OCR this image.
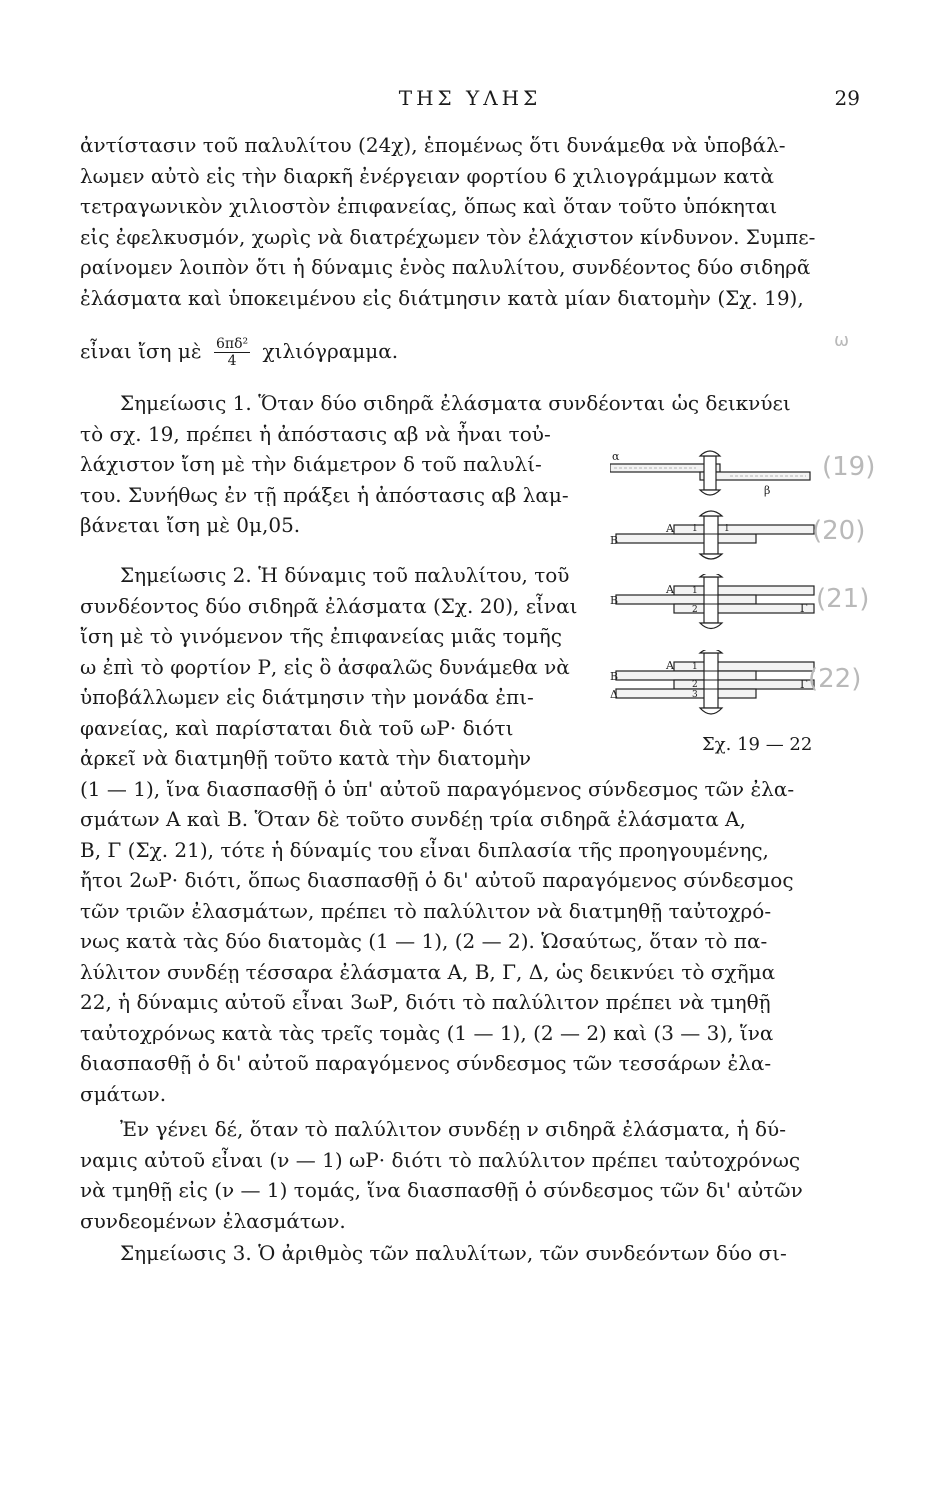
ΤΗΣ ΥΛΗΣ	29
ἀντίστασιν τοῦ παλυλίτου (24χ), ἑπομένως ὅτι δυνάμεθα νὰ ὑποβάλ-
λωμεν αὐτὸ εἰς τὴν διαρκῆ ἐνέργειαν φορτίου 6 χιλιογράμμων κατὰ
τετραγωνικὸν χιλιοστὸν ἐπιφανείας, ὅπως καὶ ὅταν τοῦτο ὑπόκηται
εἰς ἐφελκυσμόν, χωρὶς νὰ διατρέχωμεν τὸν ἐλάχιστον κίνδυνον. Συμπε-
ραίνομεν λοιπὸν ὅτι ἡ δύναμις ἑνὸς παλυλίτου, συνδέοντος δύο σιδηρᾶ
ἐλάσματα καὶ ὑποκειμένου εἰς διάτμησιν κατὰ μίαν διατομὴν (Σχ. 19),
εἶναι ἴση μὲ $\frac{\text{6πδ²}}{4} \chi\iota\lambda\iota ό\gamma\rho\alpha\mu\mu\alpha$.
Σημείωσις 1. Ὅταν δύο σιδηρᾶ ἐλάσματα συνδέονται ὡς δεικνύει
τὸ σχ. 19, πρέπει ἡ ἀπόστασις αβ νὰ ἦναι τοὐ-
λάχιστον ἴση μὲ τὴν διάμετρον δ τοῦ παλυλί-
του. Συνήθως ἐν τῇ πράξει ἡ ἀπόστασις αβ λαμ-
βάνεται ἴση μὲ 0μ,05.
Σημείωσις 2. Ἡ δύναμις τοῦ παλυλίτου, τοῦ
συνδέοντος δύο σιδηρᾶ ἐλάσματα (Σχ. 20), εἶναι
ἴση μὲ τὸ γινόμενον τῆς ἐπιφανείας μιᾶς τομῆς
ω ἐπὶ τὸ φορτίον Ρ, εἰς ὃ ἀσφαλῶς δυνάμεθα νὰ
ὑποβάλλωμεν εἰς διάτμησιν τὴν μονάδα ἐπι-
φανείας, καὶ παρίσταται διὰ τοῦ ωΡ· διότι
ἀρκεῖ νὰ διατμηθῇ τοῦτο κατὰ τὴν διατομὴν
(1 — 1), ἵνα διασπασθῇ ὁ ὑπ' αὐτοῦ παραγόμενος σύνδεσμος τῶν ἐλα-
σμάτων Α καὶ Β. Ὅταν δὲ τοῦτο συνδέῃ τρία σιδηρᾶ ἐλάσματα Α,
Β, Γ (Σχ. 21), τότε ἡ δύναμίς του εἶναι διπλασία τῆς προηγουμένης,
ἤτοι 2ωΡ· διότι, ὅπως διασπασθῇ ὁ δι' αὐτοῦ παραγόμενος σύνδεσμος
τῶν τριῶν ἐλασμάτων, πρέπει τὸ παλύλιτον νὰ διατμηθῇ ταὐτοχρό-
νως κατὰ τὰς δύο διατομὰς (1 — 1), (2 — 2). Ὡσαύτως, ὅταν τὸ πα-
λύλιτον συνδέῃ τέσσαρα ἐλάσματα Α, Β, Γ, Δ, ὡς δεικνύει τὸ σχῆμα
22, ἡ δύναμις αὐτοῦ εἶναι 3ωΡ, διότι τὸ παλύλιτον πρέπει νὰ τμηθῇ
ταὐτοχρόνως κατὰ τὰς τρεῖς τομὰς (1 — 1), (2 — 2) καὶ (3 — 3), ἵνα
διασπασθῇ ὁ δι' αὐτοῦ παραγόμενος σύνδεσμος τῶν τεσσάρων ἐλα-
σμάτων.
Ἐν γένει δέ, ὅταν τὸ παλύλιτον συνδέῃ ν σιδηρᾶ ἐλάσματα, ἡ δύ-
ναμις αὐτοῦ εἶναι (ν — 1) ωΡ· διότι τὸ παλύλιτον πρέπει ταὐτοχρόνως
νὰ τμηθῇ εἰς (ν — 1) τομάς, ἵνα διασπασθῇ ὁ σύνδεσμος τῶν δι' αὐτῶν
συνδεομένων ἐλασμάτων.
Σημείωσις 3. Ὁ ἀριθμὸς τῶν παλυλίτων, τῶν συνδεόντων δύο σι-
α
β
Α
Β
1	1
Α
Β
Γ
1
2
Α
Β
Γ
Δ
1
2
3
Σχ. 19 — 22
(19)
(20)
(21)
(22)
ω
